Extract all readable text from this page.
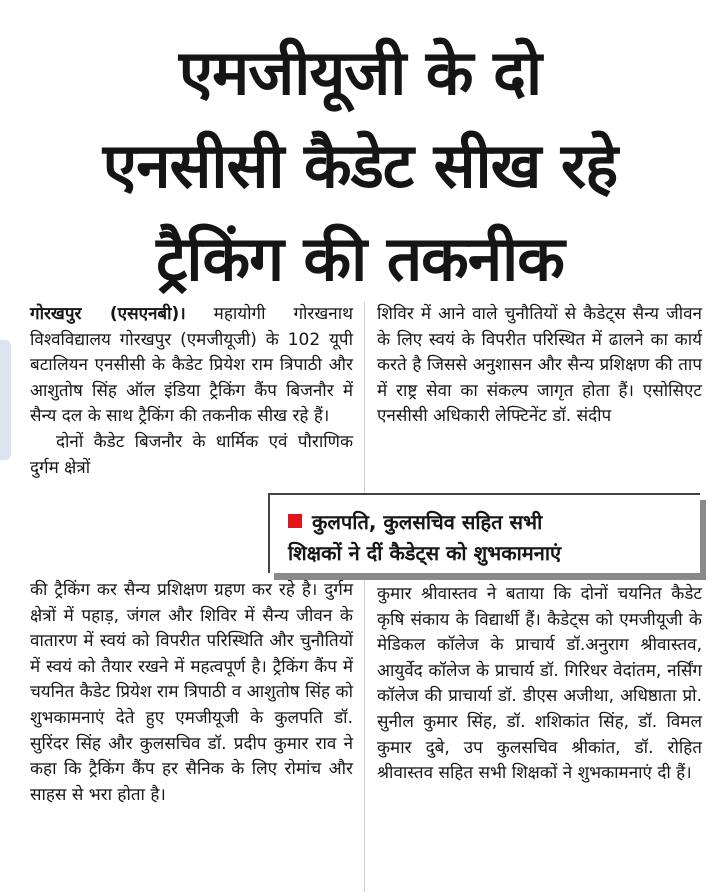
एमजीयूजी के दो
एनसीसी कैडेट सीख रहे
ट्रैकिंग की तकनीक

गोरखपुर (एसएनबी)। महायोगी गोरखनाथ विश्वविद्यालय गोरखपुर (एमजीयूजी) के 102 यूपी बटालियन एनसीसी के कैडेट प्रियेश राम त्रिपाठी और आशुतोष सिंह ऑल इंडिया ट्रैकिंग कैंप बिजनौर में सैन्य दल के साथ ट्रैकिंग की तकनीक सीख रहे हैं।

दोनों कैडेट बिजनौर के धार्मिक एवं पौराणिक दुर्गम क्षेत्रों

की ट्रैकिंग कर सैन्य प्रशिक्षण ग्रहण कर रहे है। दुर्गम क्षेत्रों में पहाड़, जंगल और शिविर में सैन्य जीवन के वातारण में स्वयं को विपरीत परिस्थिति और चुनौतियों में स्वयं को तैयार रखने में महत्वपूर्ण है। ट्रैकिंग कैंप में चयनित कैडेट प्रियेश राम त्रिपाठी व आशुतोष सिंह को शुभकामनाएं देते हुए एमजीयूजी के कुलपति डॉ. सुरिंदर सिंह और कुलसचिव डॉ. प्रदीप कुमार राव ने कहा कि ट्रैकिंग कैंप हर सैनिक के लिए रोमांच और साहस से भरा होता है।

शिविर में आने वाले चुनौतियों से कैडेट्स सैन्य जीवन के लिए स्वयं के विपरीत परिस्थित में ढालने का कार्य करते है जिससे अनुशासन और सैन्य प्रशिक्षण की ताप में राष्ट्र सेवा का संकल्प जागृत होता हैं। एसोसिएट एनसीसी अधिकारी लेफ्टिनेंट डॉ. संदीप

कुलपति, कुलसचिव सहित सभी
शिक्षकों ने दीं कैडेट्स को शुभकामनाएं

कुमार श्रीवास्तव ने बताया कि दोनों चयनित कैडेट कृषि संकाय के विद्यार्थी हैं। कैडेट्स को एमजीयूजी के मेडिकल कॉलेज के प्राचार्य डॉ.अनुराग श्रीवास्तव, आयुर्वेद कॉलेज के प्राचार्य डॉ. गिरिधर वेदांतम, नर्सिंग कॉलेज की प्राचार्या डॉ. डीएस अजीथा, अधिष्ठाता प्रो. सुनील कुमार सिंह, डॉ. शशिकांत सिंह, डॉ. विमल कुमार दुबे, उप कुलसचिव श्रीकांत, डॉ. रोहित श्रीवास्तव सहित सभी शिक्षकों ने शुभकामनाएं दी हैं।
